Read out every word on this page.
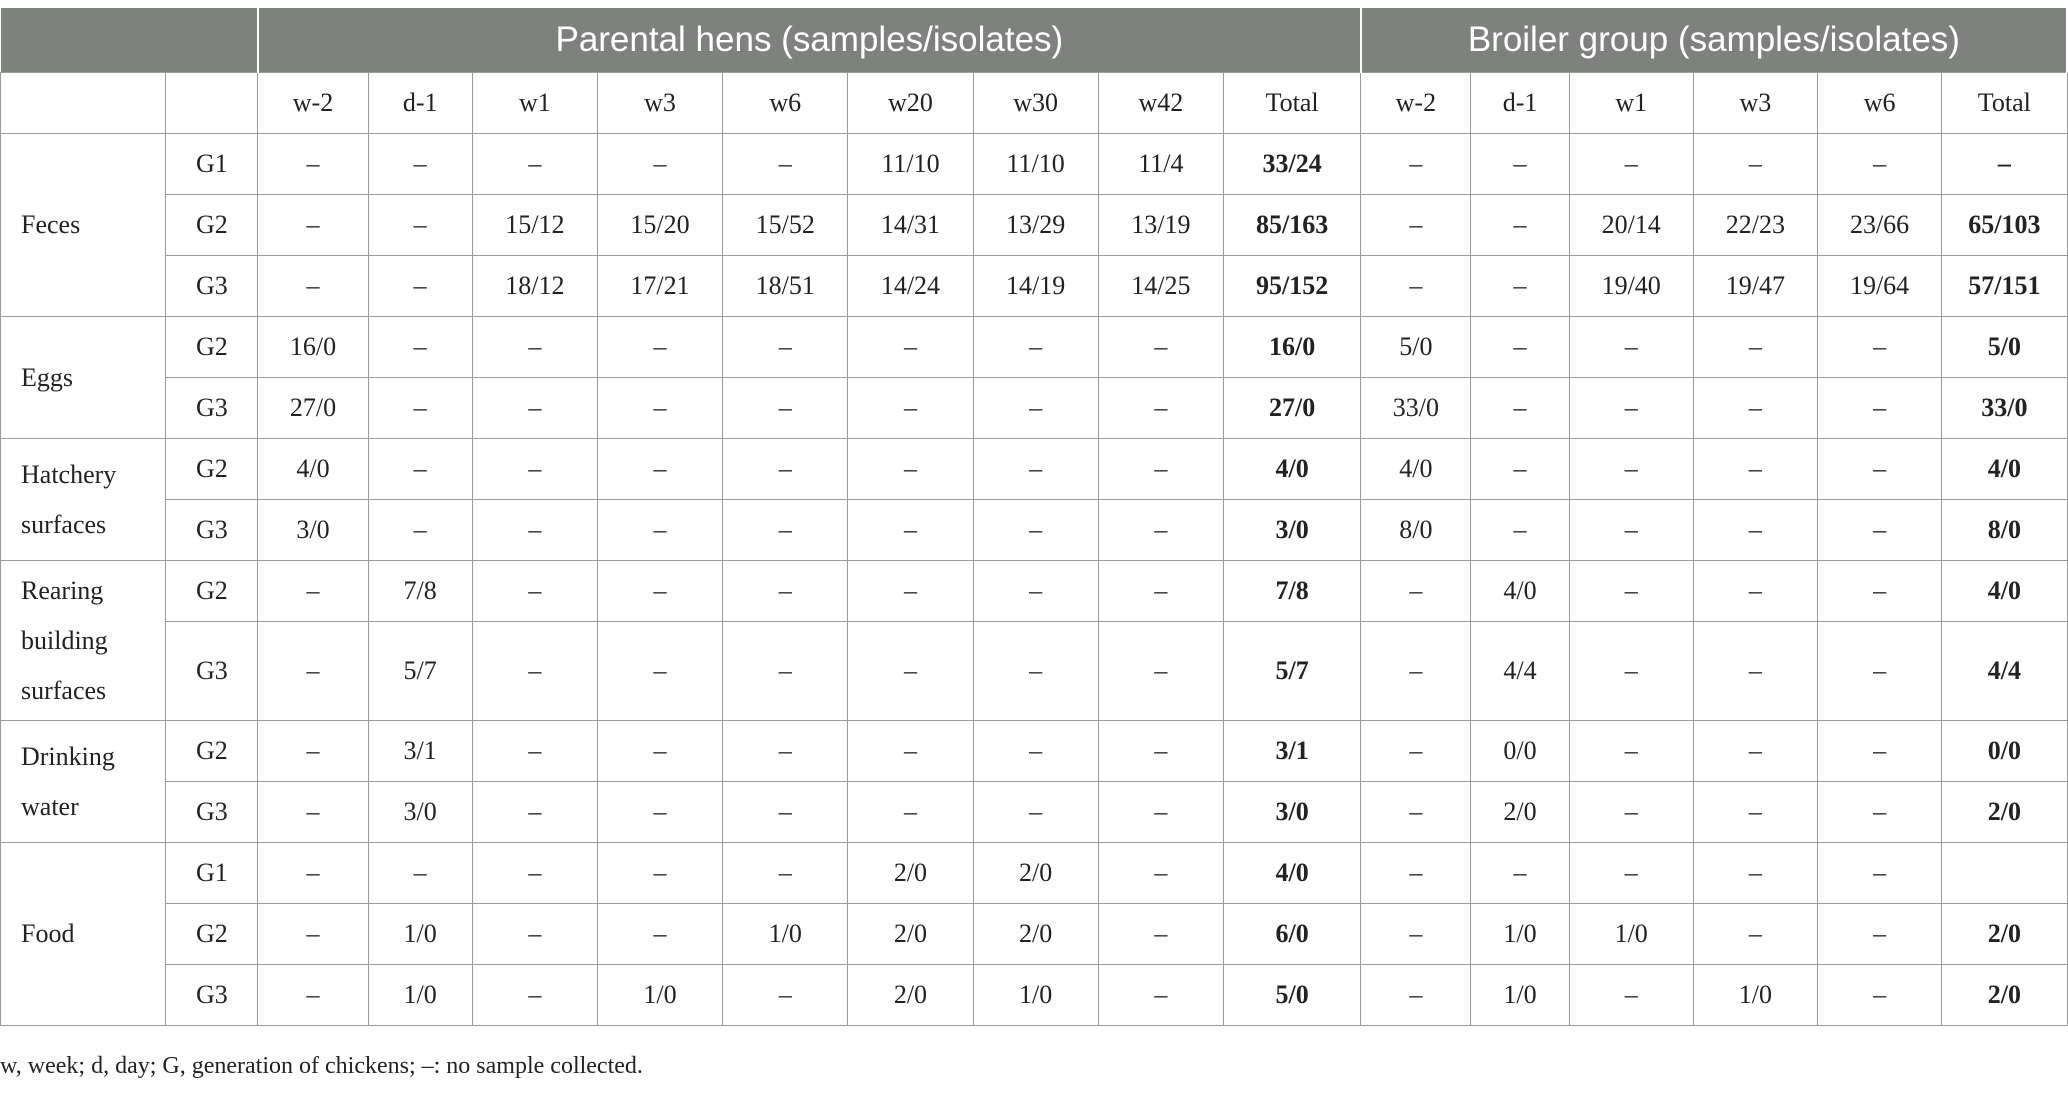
		Parental hens (samples/isolates)									Broiler group (samples/isolates)					
		w-2	d-1	w1	w3	w6	w20	w30	w42	Total	w-2	d-1	w1	w3	w6	Total
Feces	G1	–	–	–	–	–	11/10	11/10	11/4	33/24	–	–	–	–	–	–
	G2	–	–	15/12	15/20	15/52	14/31	13/29	13/19	85/163	–	–	20/14	22/23	23/66	65/103
	G3	–	–	18/12	17/21	18/51	14/24	14/19	14/25	95/152	–	–	19/40	19/47	19/64	57/151
Eggs	G2	16/0	–	–	–	–	–	–	–	16/0	5/0	–	–	–	–	5/0
	G3	27/0	–	–	–	–	–	–	–	27/0	33/0	–	–	–	–	33/0
Hatchery surfaces	G2	4/0	–	–	–	–	–	–	–	4/0	4/0	–	–	–	–	4/0
	G3	3/0	–	–	–	–	–	–	–	3/0	8/0	–	–	–	–	8/0
Rearing building surfaces	G2	–	7/8	–	–	–	–	–	–	7/8	–	4/0	–	–	–	4/0
	G3	–	5/7	–	–	–	–	–	–	5/7	–	4/4	–	–	–	4/4
Drinking water	G2	–	3/1	–	–	–	–	–	–	3/1	–	0/0	–	–	–	0/0
	G3	–	3/0	–	–	–	–	–	–	3/0	–	2/0	–	–	–	2/0
Food	G1	–	–	–	–	–	2/0	2/0	–	4/0	–	–	–	–	–	
	G2	–	1/0	–	–	1/0	2/0	2/0	–	6/0	–	1/0	1/0	–	–	2/0
	G3	–	1/0	–	1/0	–	2/0	1/0	–	5/0	–	1/0	–	1/0	–	2/0
w, week; d, day; G, generation of chickens; –: no sample collected.
